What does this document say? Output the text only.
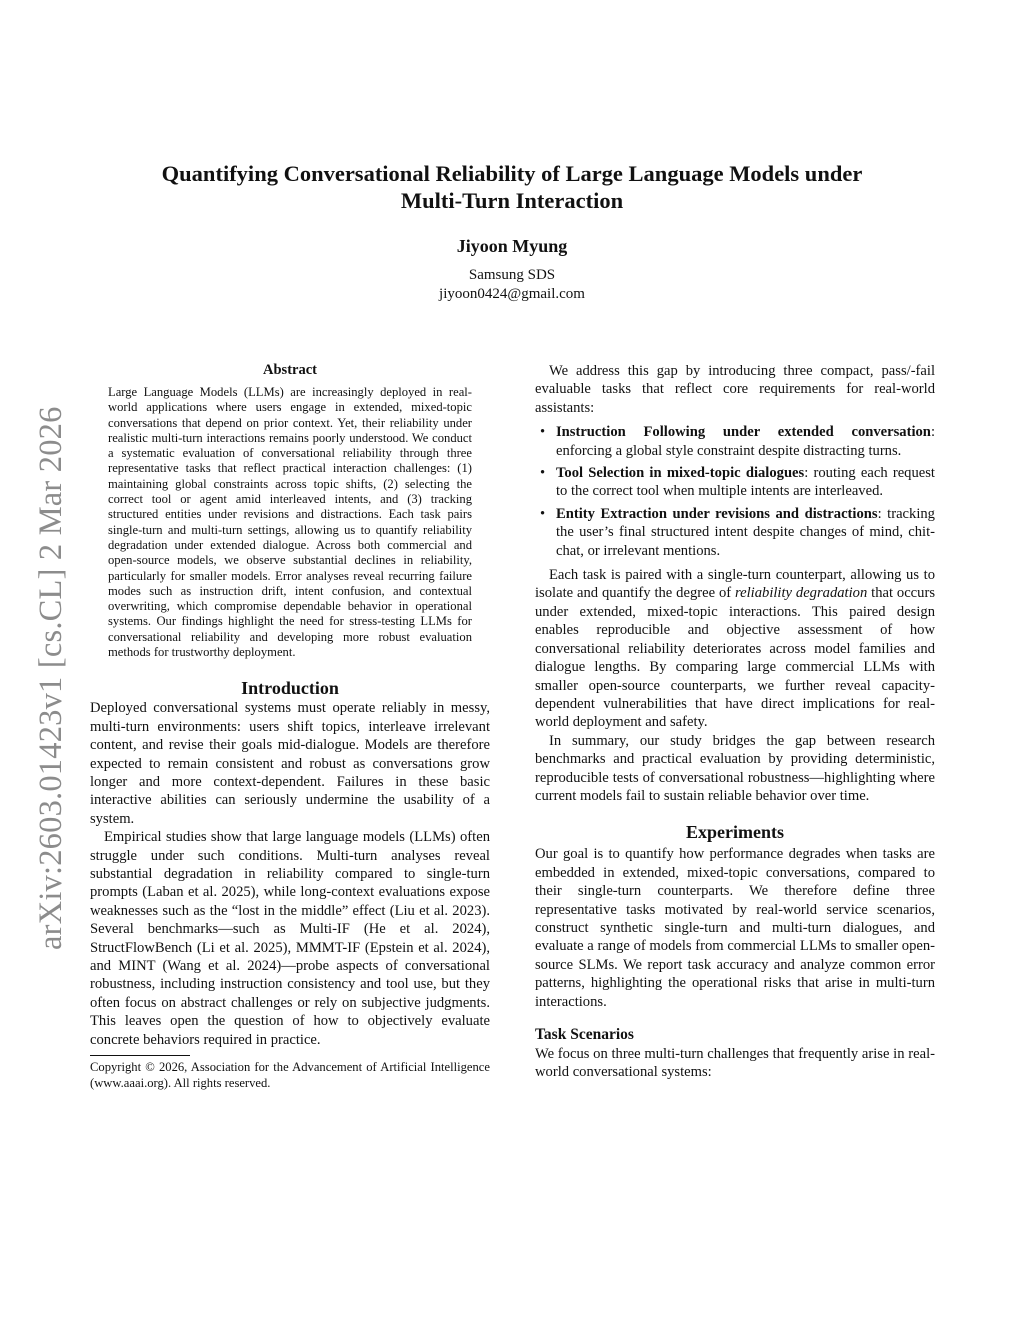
Quantifying Conversational Reliability of Large Language Models under
Multi-Turn Interaction
Jiyoon Myung
Samsung SDS
jiyoon0424@gmail.com
arXiv:2603.01423v1 [cs.CL] 2 Mar 2026
Abstract

Large Language Models (LLMs) are increasingly deployed in real-world applications where users engage in extended, mixed-topic conversations that depend on prior context. Yet, their reliability under realistic multi-turn interactions remains poorly understood. We conduct a systematic evaluation of conversational reliability through three representative tasks that reflect practical interaction challenges: (1) maintaining global constraints across topic shifts, (2) selecting the correct tool or agent amid interleaved intents, and (3) tracking structured entities under revisions and distractions. Each task pairs single-turn and multi-turn settings, allowing us to quantify reliability degradation under extended dialogue. Across both commercial and open-source models, we observe substantial declines in reliability, particularly for smaller models. Error analyses reveal recurring failure modes such as instruction drift, intent confusion, and contextual overwriting, which compromise dependable behavior in operational systems. Our findings highlight the need for stress-testing LLMs for conversational reliability and developing more robust evaluation methods for trustworthy deployment.

Introduction

Deployed conversational systems must operate reliably in messy, multi-turn environments: users shift topics, interleave irrelevant content, and revise their goals mid-dialogue. Models are therefore expected to remain consistent and robust as conversations grow longer and more context-dependent. Failures in these basic interactive abilities can seriously undermine the usability of a system.

Empirical studies show that large language models (LLMs) often struggle under such conditions. Multi-turn analyses reveal substantial degradation in reliability compared to single-turn prompts (Laban et al. 2025), while long-context evaluations expose weaknesses such as the “lost in the middle” effect (Liu et al. 2023). Several benchmarks—such as Multi-IF (He et al. 2024), StructFlowBench (Li et al. 2025), MMMT-IF (Epstein et al. 2024), and MINT (Wang et al. 2024)—probe aspects of conversational robustness, including instruction consistency and tool use, but they often focus on abstract challenges or rely on subjective judgments. This leaves open the question of how to objectively evaluate concrete behaviors required in practice.

Copyright © 2026, Association for the Advancement of Artificial Intelligence (www.aaai.org). All rights reserved.

We address this gap by introducing three compact, pass/-fail evaluable tasks that reflect core requirements for real-world assistants:

• Instruction Following under extended conversation: enforcing a global style constraint despite distracting turns.
• Tool Selection in mixed-topic dialogues: routing each request to the correct tool when multiple intents are interleaved.
• Entity Extraction under revisions and distractions: tracking the user’s final structured intent despite changes of mind, chit-chat, or irrelevant mentions.

Each task is paired with a single-turn counterpart, allowing us to isolate and quantify the degree of reliability degradation that occurs under extended, mixed-topic interactions. This paired design enables reproducible and objective assessment of how conversational reliability deteriorates across model families and dialogue lengths. By comparing large commercial LLMs with smaller open-source counterparts, we further reveal capacity-dependent vulnerabilities that have direct implications for real-world deployment and safety.

In summary, our study bridges the gap between research benchmarks and practical evaluation by providing deterministic, reproducible tests of conversational robustness—highlighting where current models fail to sustain reliable behavior over time.

Experiments

Our goal is to quantify how performance degrades when tasks are embedded in extended, mixed-topic conversations, compared to their single-turn counterparts. We therefore define three representative tasks motivated by real-world service scenarios, construct synthetic single-turn and multi-turn dialogues, and evaluate a range of models from commercial LLMs to smaller open-source SLMs. We report task accuracy and analyze common error patterns, highlighting the operational risks that arise in multi-turn interactions.

Task Scenarios

We focus on three multi-turn challenges that frequently arise in real-world conversational systems:
